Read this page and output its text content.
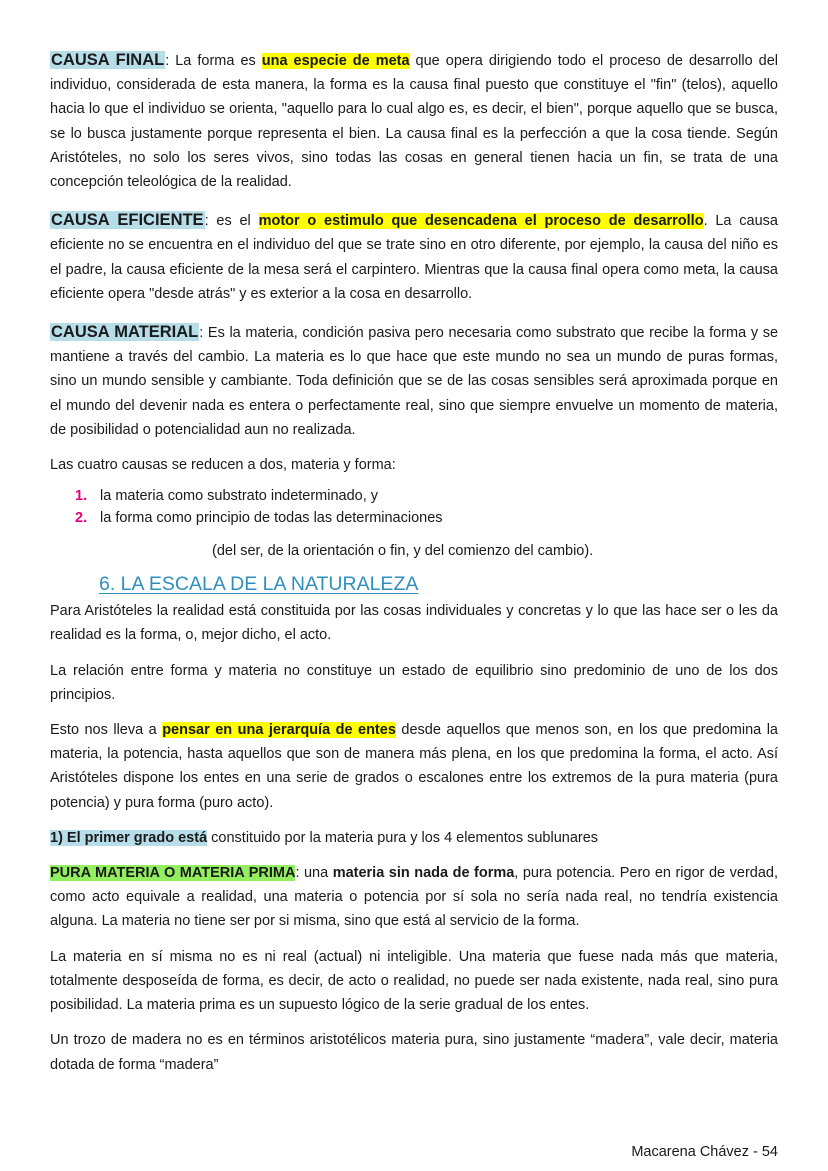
CAUSA FINAL: La forma es una especie de meta que opera dirigiendo todo el proceso de desarrollo del individuo, considerada de esta manera, la forma es la causa final puesto que constituye el "fin" (telos), aquello hacia lo que el individuo se orienta, "aquello para lo cual algo es, es decir, el bien", porque aquello que se busca, se lo busca justamente porque representa el bien. La causa final es la perfección a que la cosa tiende. Según Aristóteles, no solo los seres vivos, sino todas las cosas en general tienen hacia un fin, se trata de una concepción teleológica de la realidad.

CAUSA EFICIENTE: es el motor o estimulo que desencadena el proceso de desarrollo. La causa eficiente no se encuentra en el individuo del que se trate sino en otro diferente, por ejemplo, la causa del niño es el padre, la causa eficiente de la mesa será el carpintero. Mientras que la causa final opera como meta, la causa eficiente opera "desde atrás" y es exterior a la cosa en desarrollo.

CAUSA MATERIAL: Es la materia, condición pasiva pero necesaria como substrato que recibe la forma y se mantiene a través del cambio. La materia es lo que hace que este mundo no sea un mundo de puras formas, sino un mundo sensible y cambiante. Toda definición que se de las cosas sensibles será aproximada porque en el mundo del devenir nada es entera o perfectamente real, sino que siempre envuelve un momento de materia, de posibilidad o potencialidad aun no realizada.

Las cuatro causas se reducen a dos, materia y forma:

1. la materia como substrato indeterminado, y
2. la forma como principio de todas las determinaciones
(del ser, de la orientación o fin, y del comienzo del cambio).
6. LA ESCALA DE LA NATURALEZA

Para Aristóteles la realidad está constituida por las cosas individuales y concretas y lo que las hace ser o les da realidad es la forma, o, mejor dicho, el acto.

La relación entre forma y materia no constituye un estado de equilibrio sino predominio de uno de los dos principios.

Esto nos lleva a pensar en una jerarquía de entes desde aquellos que menos son, en los que predomina la materia, la potencia, hasta aquellos que son de manera más plena, en los que predomina la forma, el acto. Así Aristóteles dispone los entes en una serie de grados o escalones entre los extremos de la pura materia (pura potencia) y pura forma (puro acto).

1) El primer grado está constituido por la materia pura y los 4 elementos sublunares

PURA MATERIA O MATERIA PRIMA: una materia sin nada de forma, pura potencia. Pero en rigor de verdad, como acto equivale a realidad, una materia o potencia por sí sola no sería nada real, no tendría existencia alguna. La materia no tiene ser por si misma, sino que está al servicio de la forma.

La materia en sí misma no es ni real (actual) ni inteligible. Una materia que fuese nada más que materia, totalmente desposeída de forma, es decir, de acto o realidad, no puede ser nada existente, nada real, sino pura posibilidad. La materia prima es un supuesto lógico de la serie gradual de los entes.

Un trozo de madera no es en términos aristotélicos materia pura, sino justamente “madera”, vale decir, materia dotada de forma “madera”

Macarena Chávez - 54
